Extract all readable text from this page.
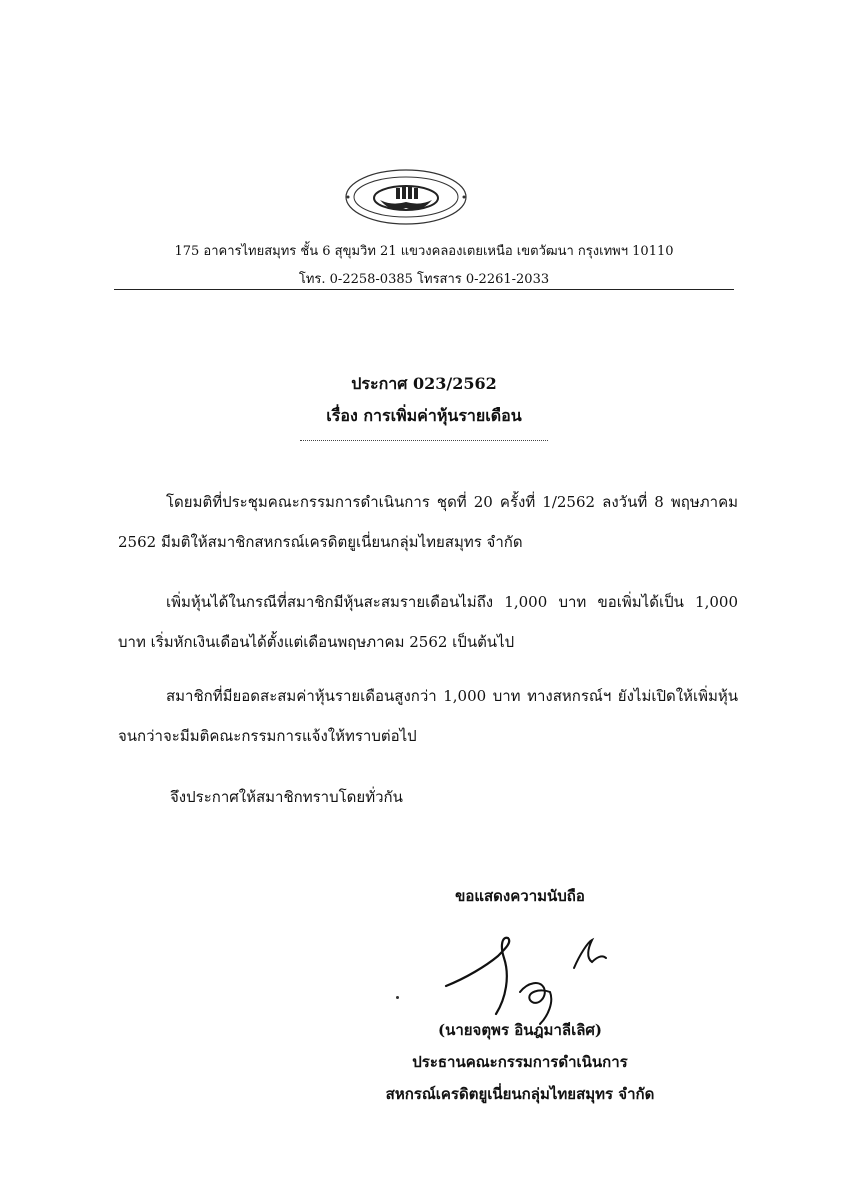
175 อาคารไทยสมุทร ชั้น 6 สุขุมวิท 21 แขวงคลองเตยเหนือ เขตวัฒนา กรุงเทพฯ 10110
โทร. 0-2258-0385 โทรสาร 0-2261-2033
ประกาศ 023/2562
เรื่อง การเพิ่มค่าหุ้นรายเดือน
โดยมติที่ประชุมคณะกรรมการดำเนินการ ชุดที่ 20 ครั้งที่ 1/2562 ลงวันที่ 8 พฤษภาคม 2562 มีมติให้สมาชิกสหกรณ์เครดิตยูเนี่ยนกลุ่มไทยสมุทร จำกัด
เพิ่มหุ้นได้ในกรณีที่สมาชิกมีหุ้นสะสมรายเดือนไม่ถึง 1,000 บาท ขอเพิ่มได้เป็น 1,000 บาท เริ่มหักเงินเดือนได้ตั้งแต่เดือนพฤษภาคม 2562 เป็นต้นไป
สมาชิกที่มียอดสะสมค่าหุ้นรายเดือนสูงกว่า 1,000 บาท ทางสหกรณ์ฯ ยังไม่เปิดให้เพิ่มหุ้น จนกว่าจะมีมติคณะกรรมการแจ้งให้ทราบต่อไป
จึงประกาศให้สมาชิกทราบโดยทั่วกัน
ขอแสดงความนับถือ
(นายจตุพร อินฎมาลีเลิศ)
ประธานคณะกรรมการดำเนินการ
สหกรณ์เครดิตยูเนี่ยนกลุ่มไทยสมุทร จำกัด
